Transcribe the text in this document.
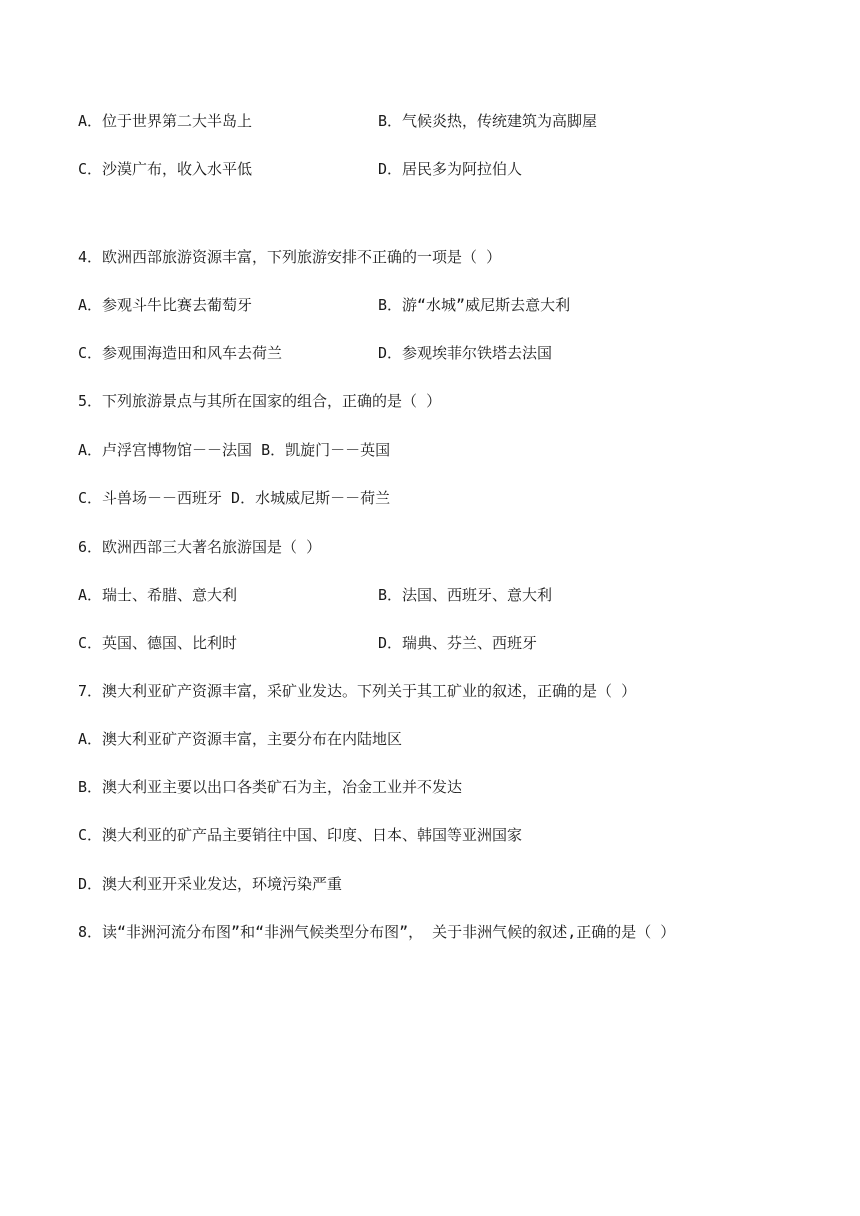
A．位于世界第二大半岛上	B．气候炎热，传统建筑为高脚屋
C．沙漠广布，收入水平低	D．居民多为阿拉伯人
4．欧洲西部旅游资源丰富，下列旅游安排不正确的一项是（ ）
A．参观斗牛比赛去葡萄牙	B．游“水城”威尼斯去意大利
C．参观围海造田和风车去荷兰	D．参观埃菲尔铁塔去法国
5．下列旅游景点与其所在国家的组合，正确的是（ ）
A．卢浮宫博物馆－－法国 B．凯旋门－－英国
C．斗兽场－－西班牙 D．水城威尼斯－－荷兰
6．欧洲西部三大著名旅游国是（ ）
A．瑞士、希腊、意大利	B．法国、西班牙、意大利
C．英国、德国、比利时	D．瑞典、芬兰、西班牙
7．澳大利亚矿产资源丰富，采矿业发达。下列关于其工矿业的叙述，正确的是（ ）
A．澳大利亚矿产资源丰富，主要分布在内陆地区
B．澳大利亚主要以出口各类矿石为主，冶金工业并不发达
C．澳大利亚的矿产品主要销往中国、印度、日本、韩国等亚洲国家
D．澳大利亚开采业发达，环境污染严重
8．读“非洲河流分布图”和“非洲气候类型分布图”， 关于非洲气候的叙述,正确的是（ ）
